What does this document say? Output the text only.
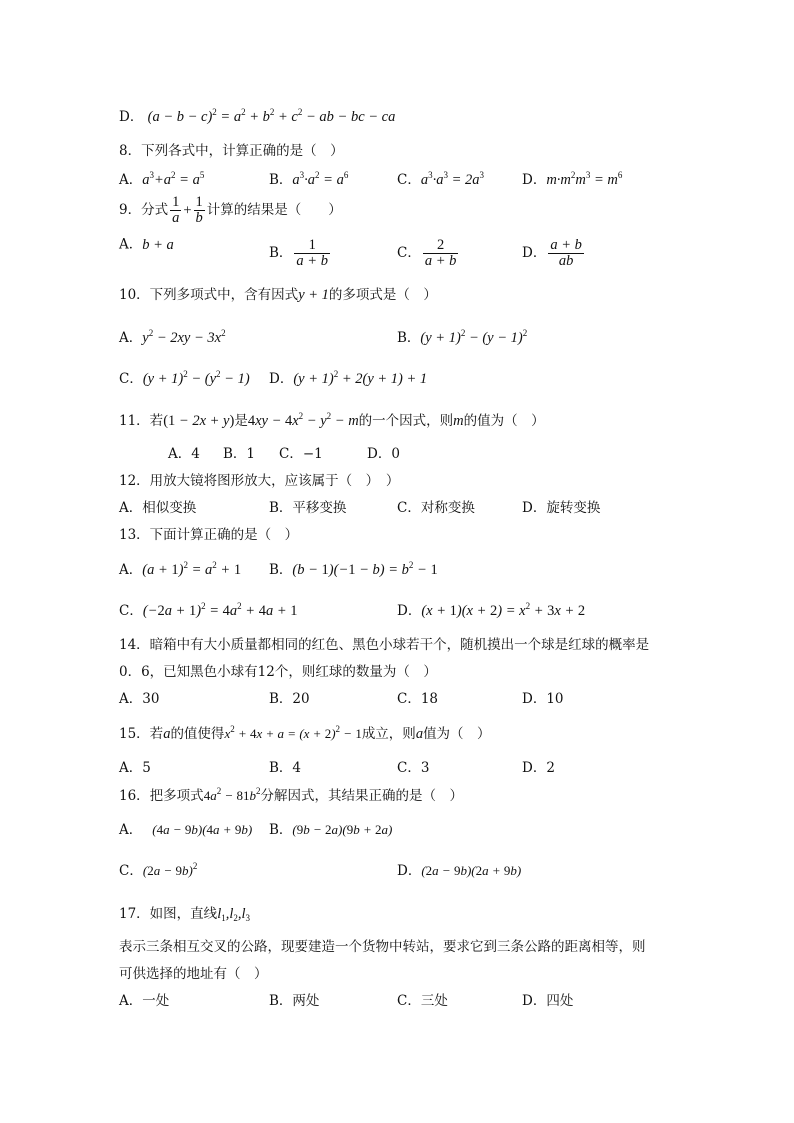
D． $(a - b - c)^2 = a^2 + b^2 + c^2$ − ab − bc − ca
8．下列各式中，计算正确的是（　）
A．$a^3+a^2 = a^5$	B．$a^3\cdot a^2 = a^6$	C．$a^3\cdot a^3 = 2a^3$	D．$m\cdot m^2m^3 = m^6$
9．分式 $\frac{1}{a} + \frac{1}{b}$ 计算的结果是（　　）
A．b + a	B． $\frac{1}{a + b}$	C． $\frac{2}{a + b}$	D． $\frac{a + b}{ab}$
10．下列多项式中，含有因式y + 1的多项式是（　）
A．$y^2 - 2xy - 3x^2$	B．$(y + 1)^2 - (y - 1)^2$
C．$(y + 1)^2 - (y^2 - 1)$ D．$(y + 1)^2 + 2(y + 1) + 1$
11．若(1 − 2x + y)是$4xy - 4x^2 - y^2 - m$的一个因式，则m的值为（　）
A．4 B．1 C．−1	D．0
12．用放大镜将图形放大，应该属于（　）　）
A．相似变换	B．平移变换	C．对称变换	D．旋转变换
13．下面计算正确的是（　）
A．$(a + 1)^2 = a^2 + 1$ B．$(b - 1)(-1 - b) = b^2 - 1$
C．$(-2a + 1)^2 = 4a^2 + 4a + 1$	D．$(x + 1)(x + 2) = x^2 + 3x + 2$
14．暗箱中有大小质量都相同的红色、黑色小球若干个，随机摸出一个球是红球的概率是
0．6，已知黑色小球有12个，则红球的数量为（　）
A．30	B．20	C．18	D．10
15．若a的值使得$x^2 + 4x + a = (x + 2)^2 - 1$成立，则a值为（　）
A．5	B．4	C．3	D．2
16．把多项式$4a^2 - 81b^2$分解因式，其结果正确的是（　）
A． (4a − 9b)(4a + 9b) B．(9b − 2a)(9b + 2a)
C．$(2a - 9b)^2$	D．(2a − 9b)(2a + 9b)
17．如图，直线$l_1,l_2,l_3$
表示三条相互交叉的公路，现要建造一个货物中转站，要求它到三条公路的距离相等，则
可供选择的地址有（　）
A．一处	B．两处	C．三处	D．四处
